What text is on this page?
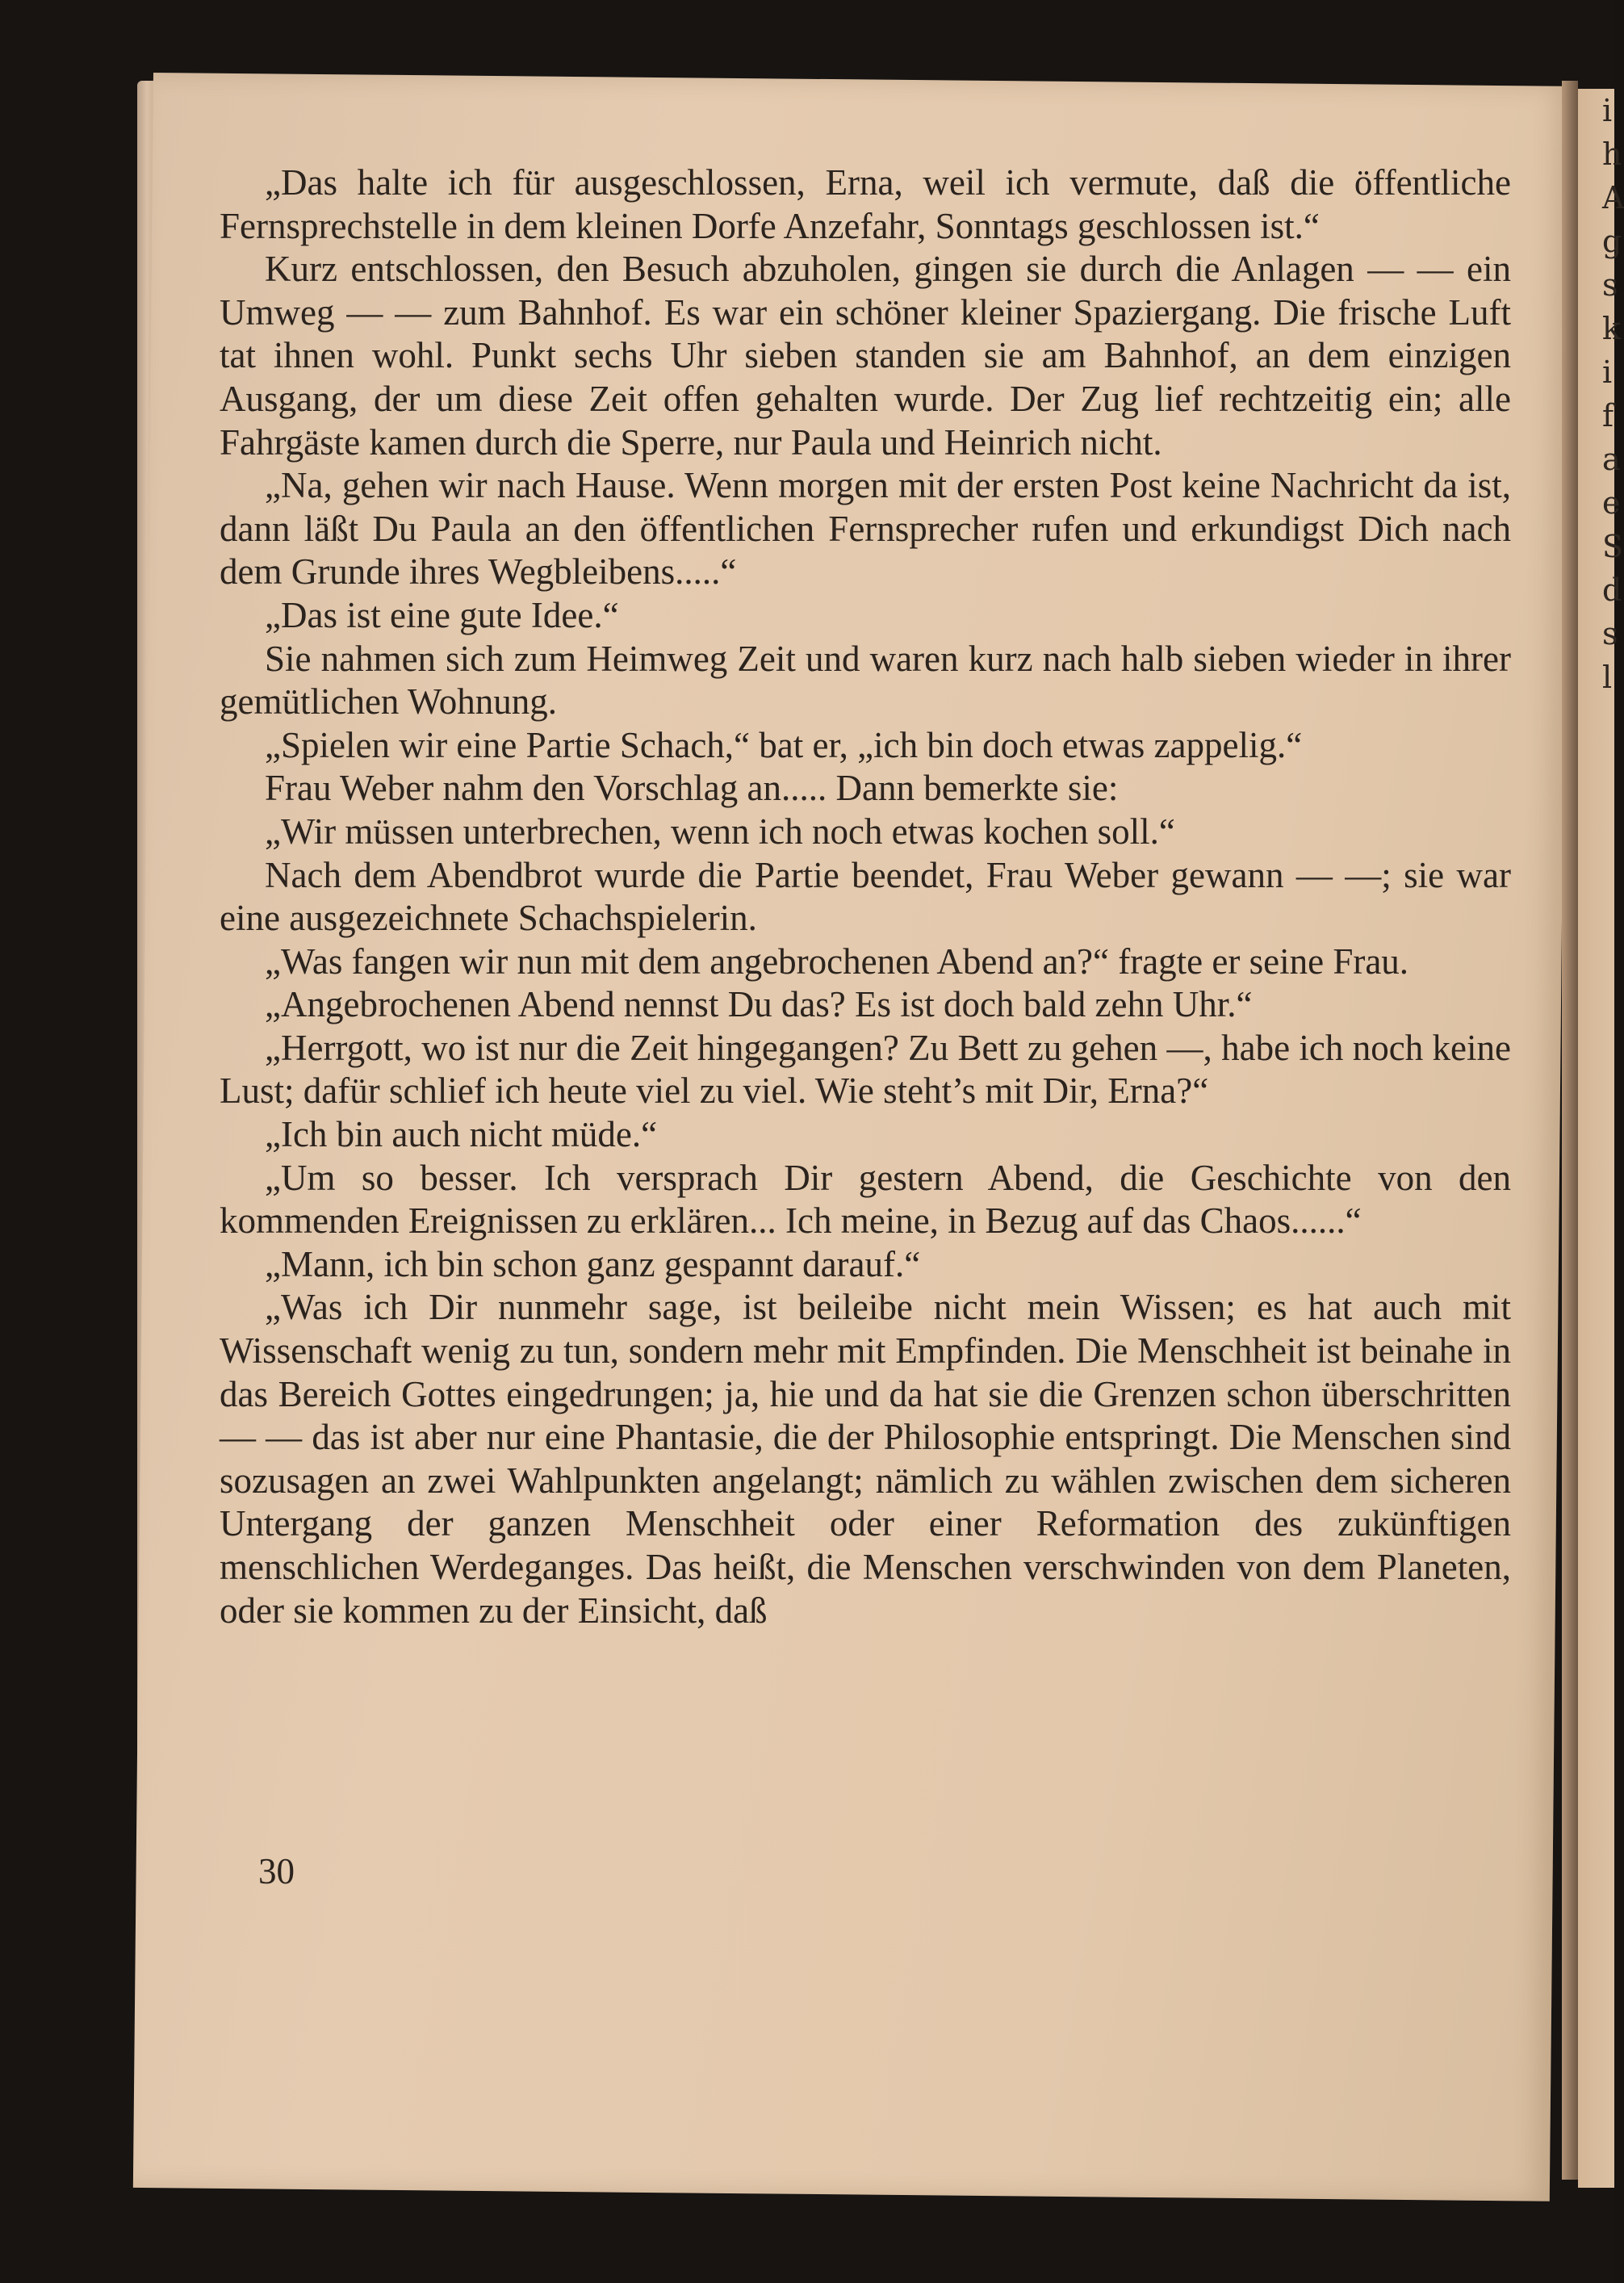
i
h
A
g
s
k
i
f
a
e
S
d
s
l

„Das halte ich für ausgeschlossen, Erna, weil ich vermute, daß die öffentliche Fernsprechstelle in dem kleinen Dorfe Anzefahr, Sonntags geschlossen ist.“

Kurz entschlossen, den Besuch abzuholen, gingen sie durch die Anlagen — — ein Umweg — — zum Bahnhof. Es war ein schöner kleiner Spaziergang. Die frische Luft tat ihnen wohl. Punkt sechs Uhr sieben standen sie am Bahnhof, an dem einzigen Ausgang, der um diese Zeit offen gehalten wurde. Der Zug lief rechtzeitig ein; alle Fahrgäste kamen durch die Sperre, nur Paula und Heinrich nicht.

„Na, gehen wir nach Hause. Wenn morgen mit der ersten Post keine Nachricht da ist, dann läßt Du Paula an den öffentlichen Fernsprecher rufen und erkundigst Dich nach dem Grunde ihres Wegbleibens.....“

„Das ist eine gute Idee.“

Sie nahmen sich zum Heimweg Zeit und waren kurz nach halb sieben wieder in ihrer gemütlichen Wohnung.

„Spielen wir eine Partie Schach,“ bat er, „ich bin doch etwas zappelig.“

Frau Weber nahm den Vorschlag an..... Dann bemerkte sie:

„Wir müssen unterbrechen, wenn ich noch etwas kochen soll.“

Nach dem Abendbrot wurde die Partie beendet, Frau Weber gewann — —; sie war eine ausgezeichnete Schachspielerin.

„Was fangen wir nun mit dem angebrochenen Abend an?“ fragte er seine Frau.

„Angebrochenen Abend nennst Du das? Es ist doch bald zehn Uhr.“

„Herrgott, wo ist nur die Zeit hingegangen? Zu Bett zu gehen —, habe ich noch keine Lust; dafür schlief ich heute viel zu viel. Wie steht’s mit Dir, Erna?“

„Ich bin auch nicht müde.“

„Um so besser. Ich versprach Dir gestern Abend, die Geschichte von den kommenden Ereignissen zu erklären... Ich meine, in Bezug auf das Chaos......“

„Mann, ich bin schon ganz gespannt darauf.“

„Was ich Dir nunmehr sage, ist beileibe nicht mein Wissen; es hat auch mit Wissenschaft wenig zu tun, sondern mehr mit Empfinden. Die Menschheit ist beinahe in das Bereich Gottes eingedrungen; ja, hie und da hat sie die Grenzen schon überschritten — — das ist aber nur eine Phantasie, die der Philosophie entspringt. Die Menschen sind sozusagen an zwei Wahlpunkten angelangt; nämlich zu wählen zwischen dem sicheren Untergang der ganzen Menschheit oder einer Reformation des zukünftigen menschlichen Werdeganges. Das heißt, die Menschen verschwinden von dem Planeten, oder sie kommen zu der Einsicht, daß

30
